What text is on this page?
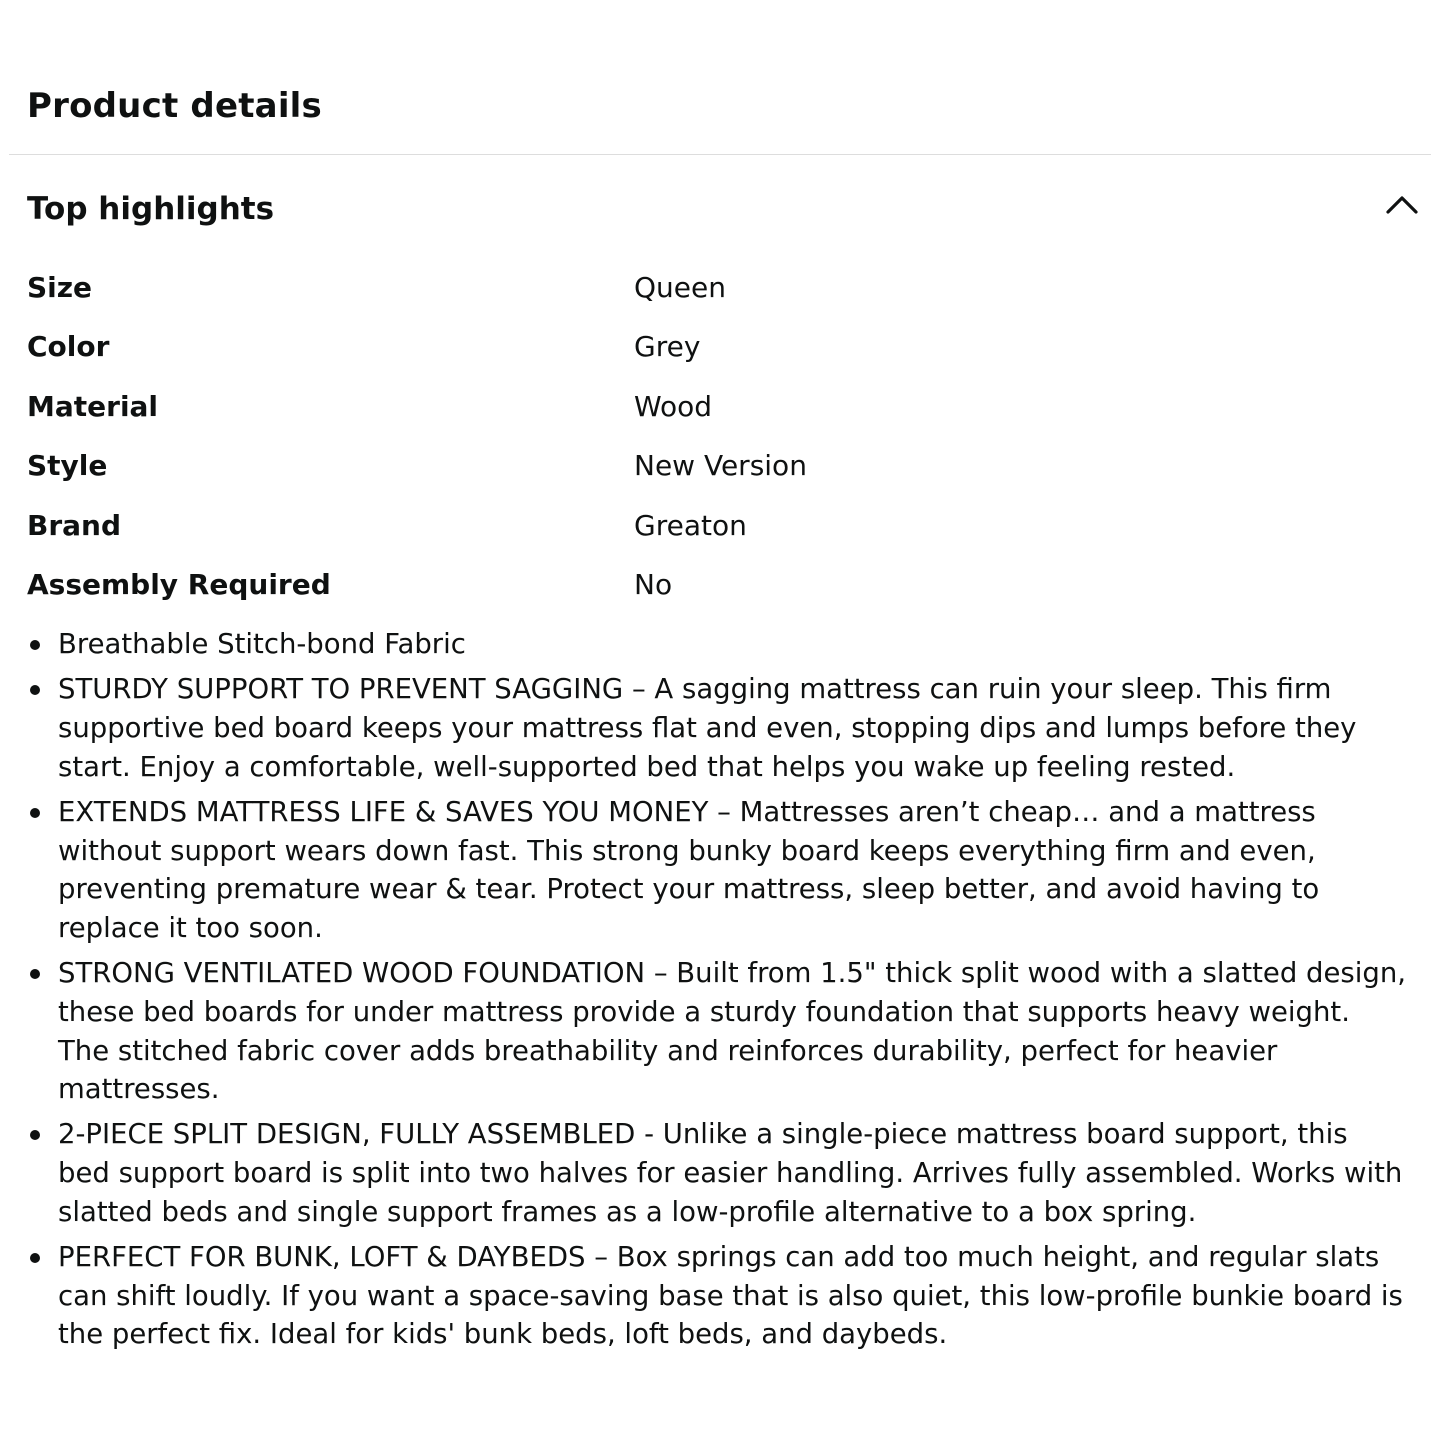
Product details
Top highlights
Size	Queen
Color	Grey
Material	Wood
Style	New Version
Brand	Greaton
Assembly Required	No
Breathable Stitch-bond Fabric
STURDY SUPPORT TO PREVENT SAGGING – A sagging mattress can ruin your sleep. This firm supportive bed board keeps your mattress flat and even, stopping dips and lumps before they start. Enjoy a comfortable, well-supported bed that helps you wake up feeling rested.
EXTENDS MATTRESS LIFE & SAVES YOU MONEY – Mattresses aren’t cheap… and a mattress without support wears down fast. This strong bunky board keeps everything firm and even, preventing premature wear & tear. Protect your mattress, sleep better, and avoid having to replace it too soon.
STRONG VENTILATED WOOD FOUNDATION – Built from 1.5" thick split wood with a slatted design, these bed boards for under mattress provide a sturdy foundation that supports heavy weight. The stitched fabric cover adds breathability and reinforces durability, perfect for heavier mattresses.
2-PIECE SPLIT DESIGN, FULLY ASSEMBLED - Unlike a single-piece mattress board support, this bed support board is split into two halves for easier handling. Arrives fully assembled. Works with slatted beds and single support frames as a low-profile alternative to a box spring.
PERFECT FOR BUNK, LOFT & DAYBEDS – Box springs can add too much height, and regular slats can shift loudly. If you want a space-saving base that is also quiet, this low-profile bunkie board is the perfect fix. Ideal for kids' bunk beds, loft beds, and daybeds.
